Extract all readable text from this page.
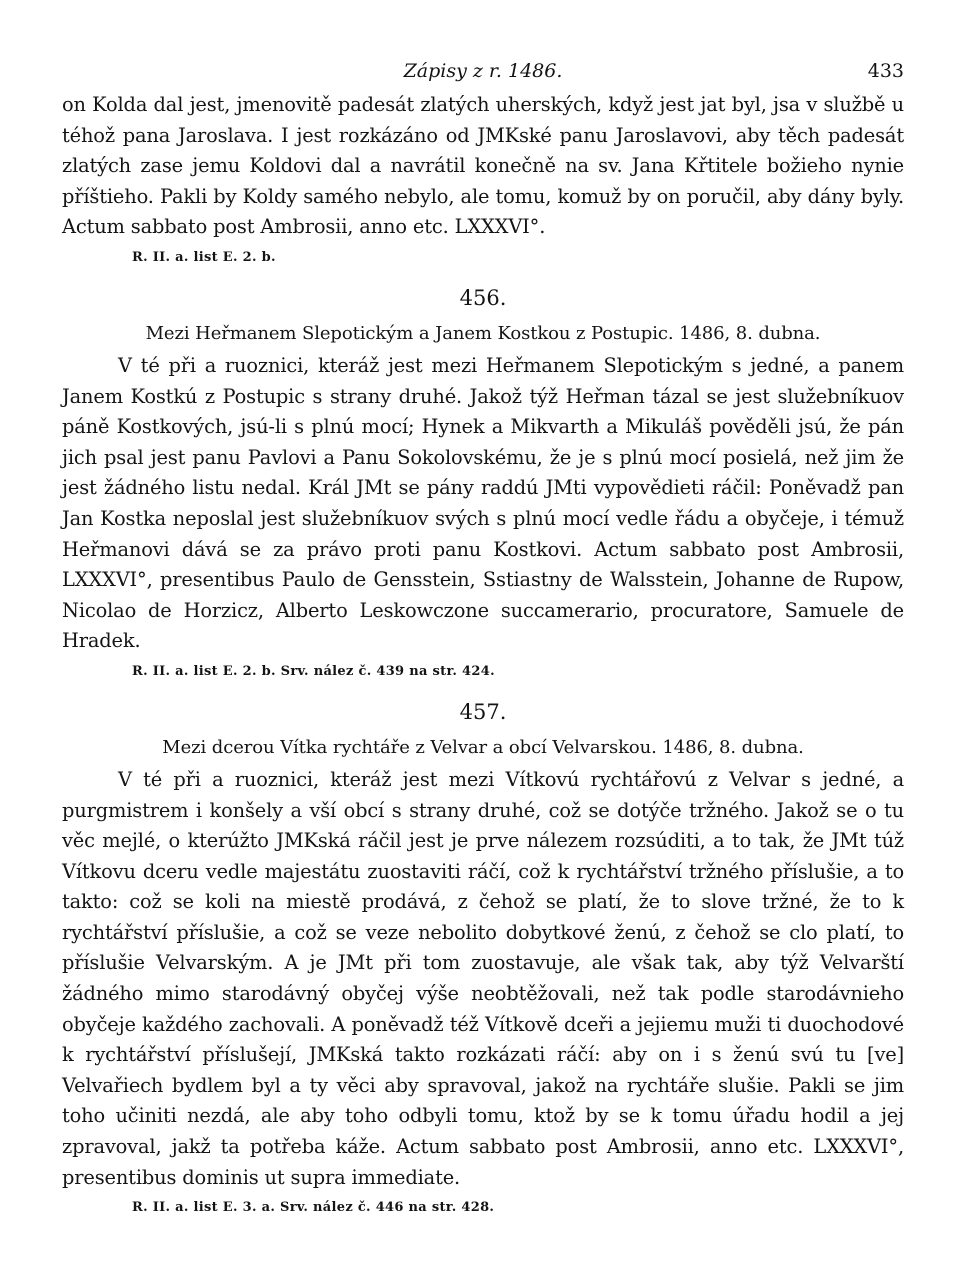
Zápisy z r. 1486.	433

on Kolda dal jest, jmenovitě padesát zlatých uherských, když jest jat byl, jsa v službě u téhož pana Jaroslava. I jest rozkázáno od JMKské panu Jaroslavovi, aby těch padesát zlatých zase jemu Koldovi dal a navrátil konečně na sv. Jana Křtitele božieho nynie příštieho. Pakli by Koldy samého nebylo, ale tomu, komuž by on poručil, aby dány byly. Actum sabbato post Ambrosii, anno etc. LXXXVI°.

R. II. a. list E. 2. b.
456.
Mezi Heřmanem Slepotickým a Janem Kostkou z Postupic. 1486, 8. dubna.

V té při a ruoznici, kteráž jest mezi Heřmanem Slepotickým s jedné, a panem Janem Kostkú z Postupic s strany druhé. Jakož týž Heřman tázal se jest služebníkuov páně Kostkových, jsú-li s plnú mocí; Hynek a Mikvarth a Mikuláš pověděli jsú, že pán jich psal jest panu Pavlovi a Panu Sokolovskému, že je s plnú mocí posielá, než jim že jest žádného listu nedal. Král JMt se pány raddú JMti vypovědieti ráčil: Poněvadž pan Jan Kostka neposlal jest služebníkuov svých s plnú mocí vedle řádu a obyčeje, i témuž Heřmanovi dává se za právo proti panu Kostkovi. Actum sabbato post Ambrosii, LXXXVI°, presentibus Paulo de Gensstein, Sstiastny de Walsstein, Johanne de Rupow, Nicolao de Horzicz, Alberto Leskowczone succamerario, procuratore, Samuele de Hradek.

R. II. a. list E. 2. b. Srv. nález č. 439 na str. 424.
457.
Mezi dcerou Vítka rychtáře z Velvar a obcí Velvarskou. 1486, 8. dubna.

V té při a ruoznici, kteráž jest mezi Vítkovú rychtářovú z Velvar s jedné, a purgmistrem i konšely a vší obcí s strany druhé, což se dotýče tržného. Jakož se o tu věc mejlé, o kterúžto JMKská ráčil jest je prve nálezem rozsúditi, a to tak, že JMt túž Vítkovu dceru vedle majestátu zuostaviti ráčí, což k rychtářství tržného příslušie, a to takto: což se koli na miestě prodává, z čehož se platí, že to slove tržné, že to k rychtářství příslušie, a což se veze nebolito dobytkové ženú, z čehož se clo platí, to příslušie Velvarským. A je JMt při tom zuostavuje, ale však tak, aby týž Velvarští žádného mimo starodávný obyčej výše neobtěžovali, než tak podle starodávnieho obyčeje každého zachovali. A poněvadž též Vítkově dceři a jejiemu muži ti duochodové k rychtářství příslušejí, JMKská takto rozkázati ráčí: aby on i s ženú svú tu [ve] Velvařiech bydlem byl a ty věci aby spravoval, jakož na rychtáře slušie. Pakli se jim toho učiniti nezdá, ale aby toho odbyli tomu, ktož by se k tomu úřadu hodil a jej zpravoval, jakž ta potřeba káže. Actum sabbato post Ambrosii, anno etc. LXXXVI°, presentibus dominis ut supra immediate.

R. II. a. list E. 3. a. Srv. nález č. 446 na str. 428.
